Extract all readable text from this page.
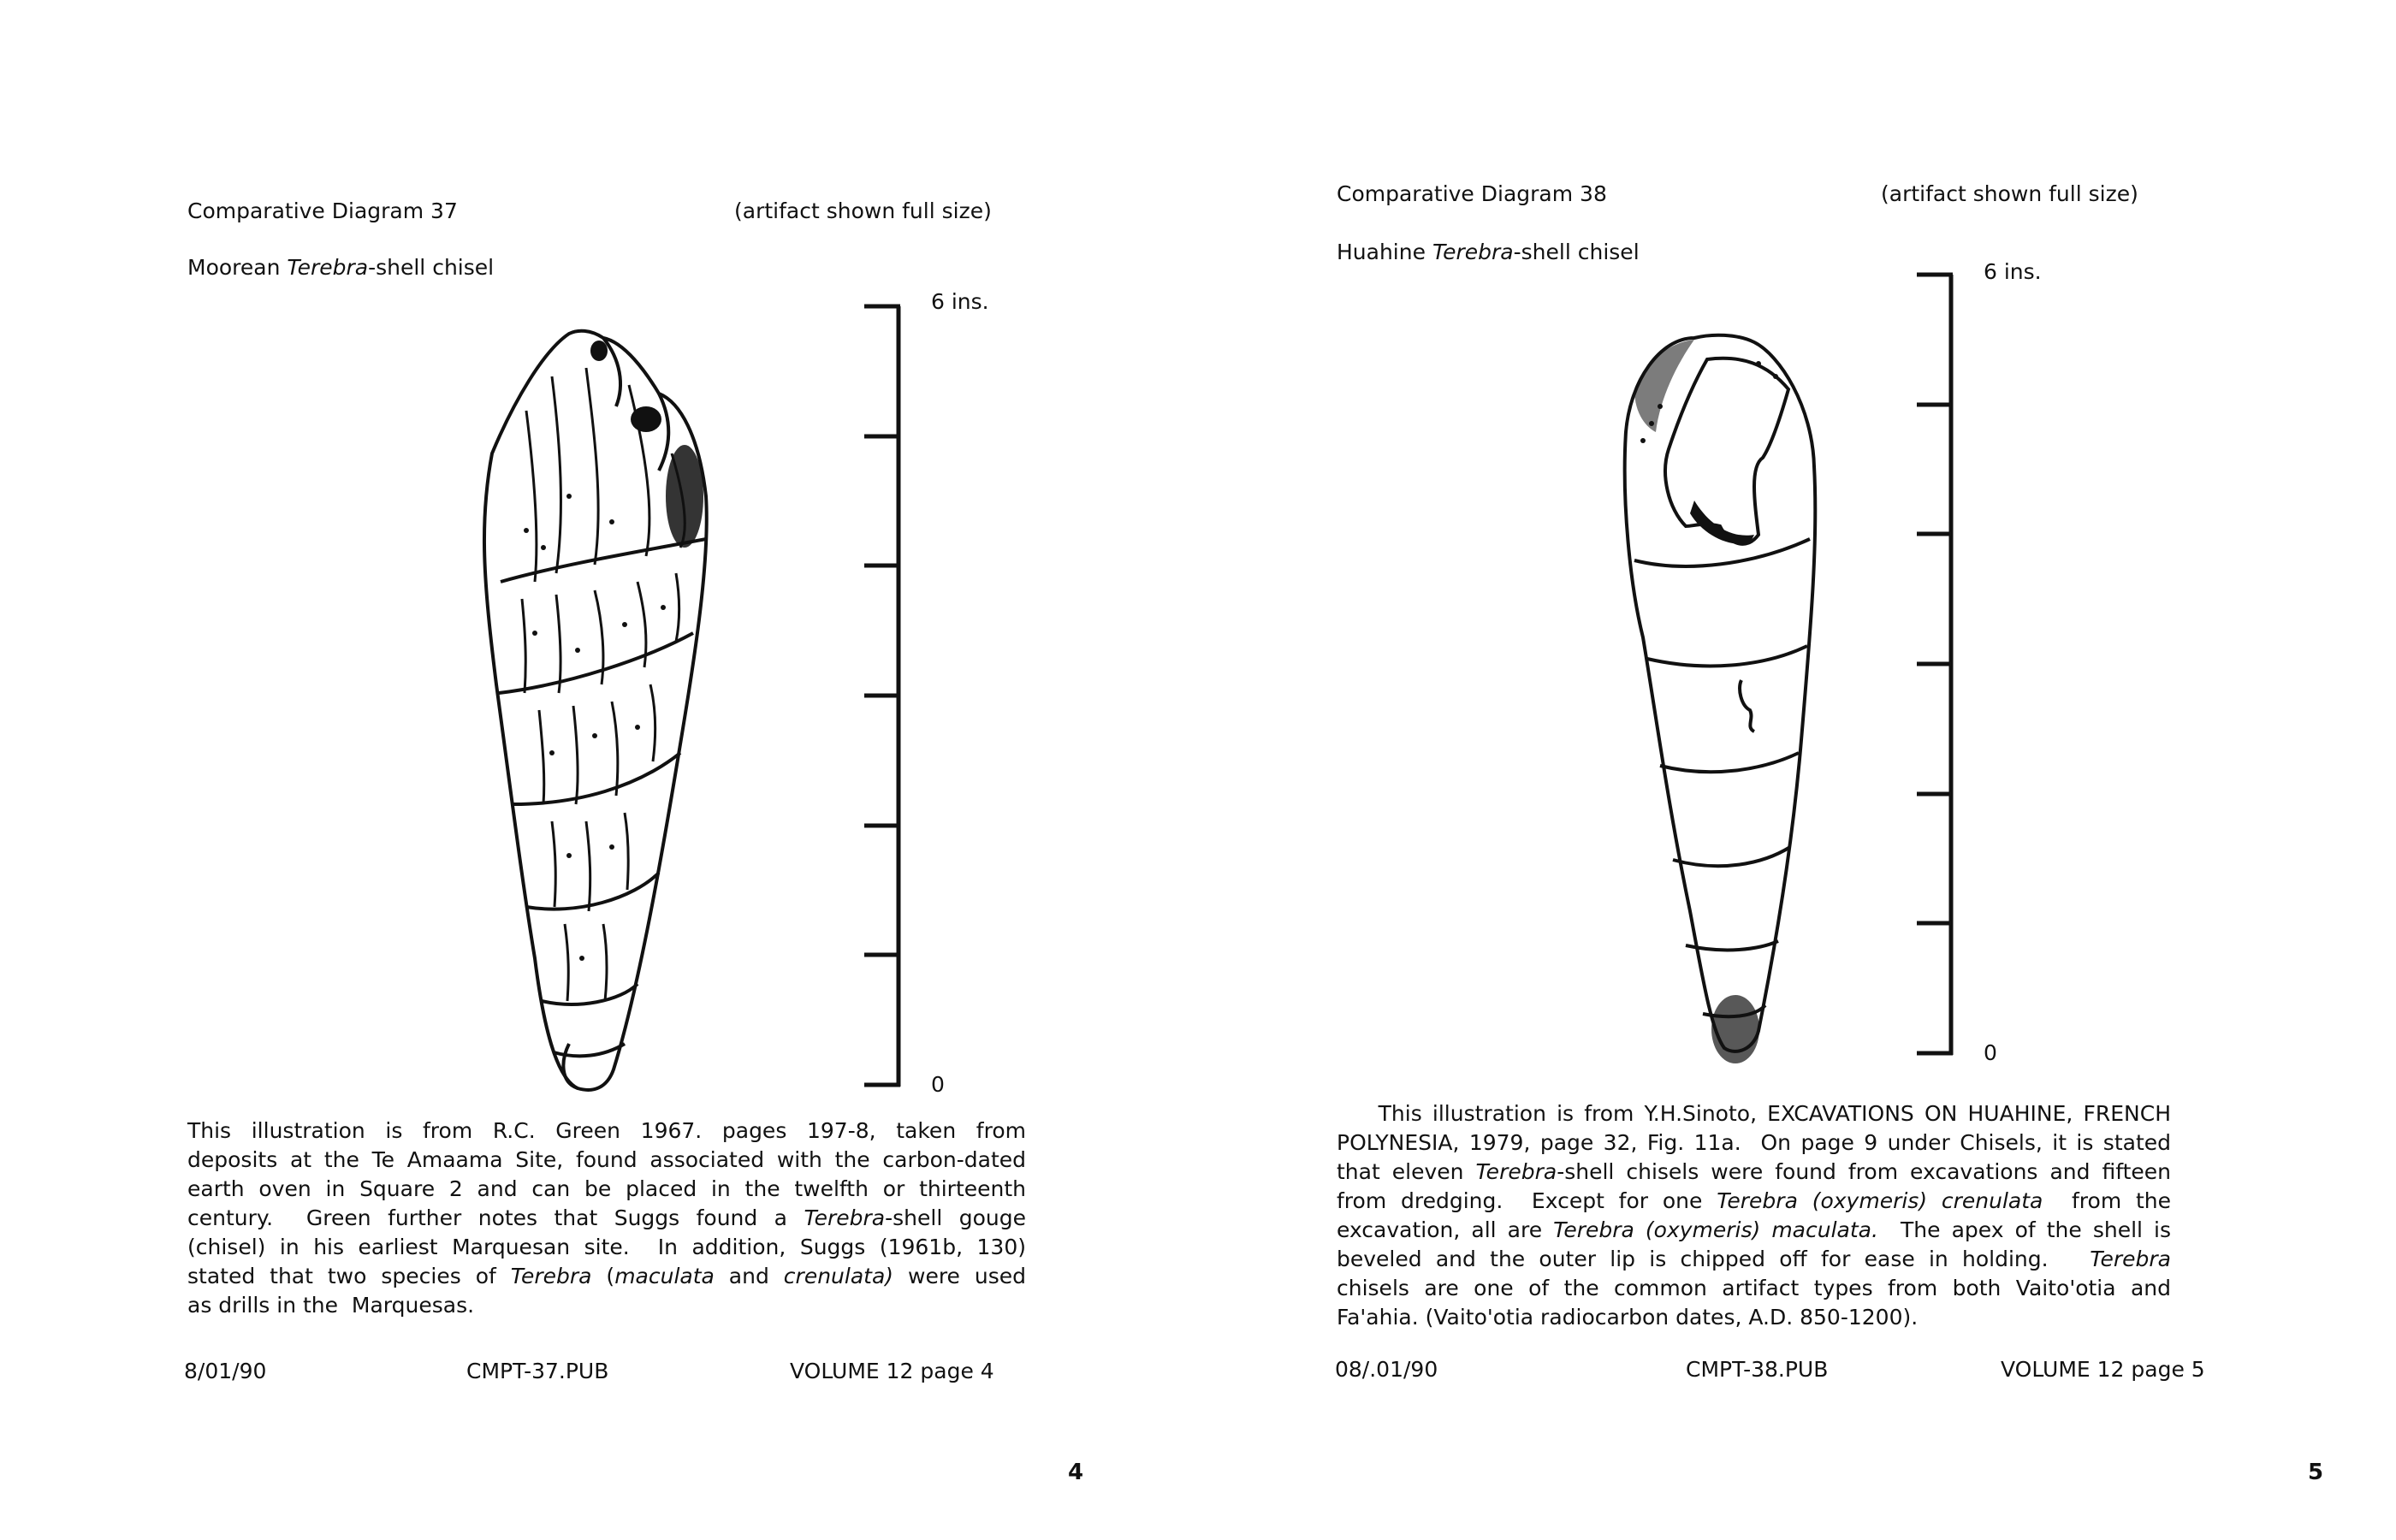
Comparative Diagram 37	(artifact shown full size)
Moorean Terebra-shell chisel
6 ins.
0
This illustration is from R.C. Green 1967. pages 197-8, taken from
deposits at the Te Amaama Site, found associated with the carbon-dated
earth oven in Square 2 and can be placed in the twelfth or thirteenth
century.  Green further notes that Suggs found a Terebra-shell gouge
(chisel) in his earliest Marquesan site.  In addition, Suggs (1961b, 130)
stated that two species of Terebra (maculata and crenulata) were used
as drills in the  Marquesas.
8/01/90	CMPT-37.PUB	VOLUME 12 page 4
4
Comparative Diagram 38	(artifact shown full size)
Huahine Terebra-shell chisel
6 ins.
0
This illustration is from Y.H.Sinoto, EXCAVATIONS ON HUAHINE, FRENCH
POLYNESIA, 1979, page 32, Fig. 11a.  On page 9 under Chisels, it is stated
that eleven Terebra-shell chisels were found from excavations and fifteen
from dredging.  Except for one Terebra (oxymeris) crenulata  from the
excavation, all are Terebra (oxymeris) maculata.  The apex of the shell is
beveled and the outer lip is chipped off for ease in holding.   Terebra
chisels are one of the common artifact types from both Vaito'otia and
Fa'ahia. (Vaito'otia radiocarbon dates, A.D. 850-1200).
08/.01/90	CMPT-38.PUB	VOLUME 12 page 5
5
